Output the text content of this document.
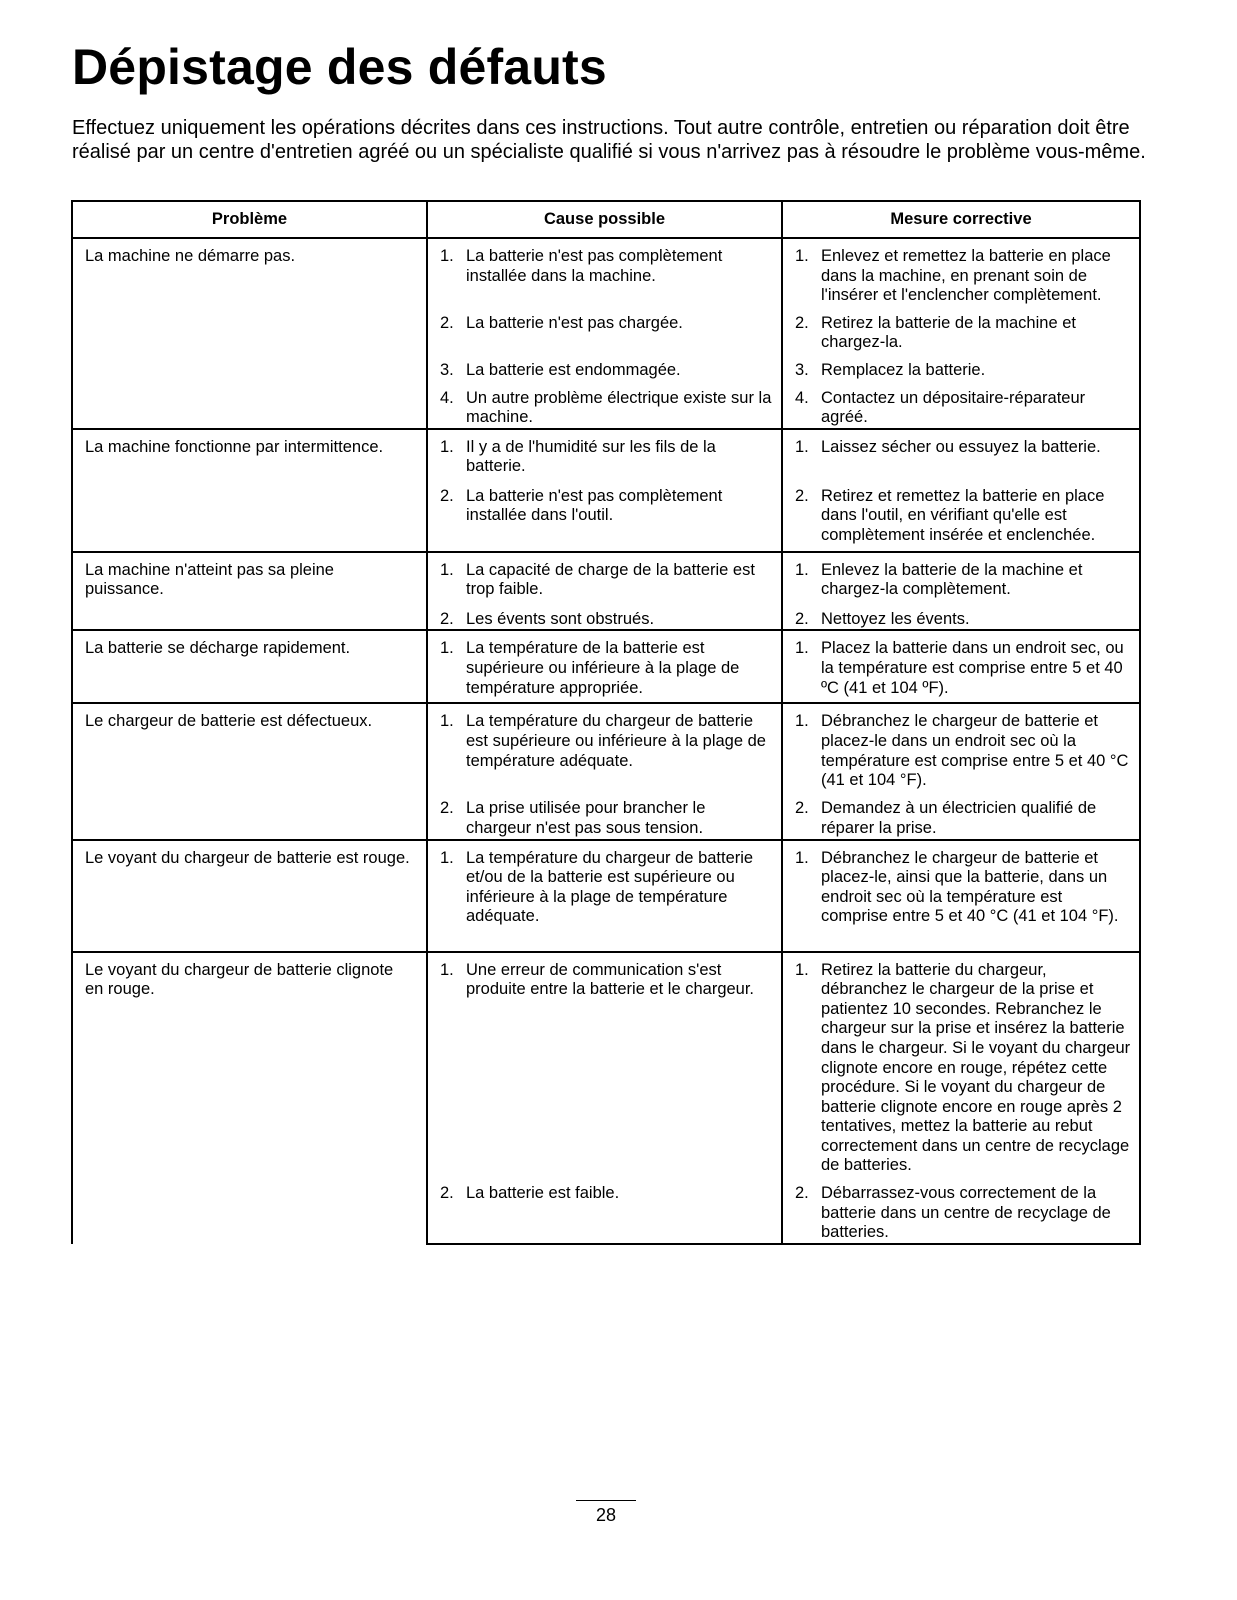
Dépistage des défauts

Effectuez uniquement les opérations décrites dans ces instructions. Tout autre contrôle, entretien ou réparation doit être réalisé par un centre d'entretien agréé ou un spécialiste qualifié si vous n'arrivez pas à résoudre le problème vous-même.

Problème	Cause possible	Mesure corrective
La machine ne démarre pas.	1. La batterie n'est pas complètement installée dans la machine.	1. Enlevez et remettez la batterie en place dans la machine, en prenant soin de l'insérer et l'enclencher complètement.

	2. La batterie n'est pas chargée.	2. Retirez la batterie de la machine et chargez-la.

	3. La batterie est endommagée.	3. Remplacez la batterie.

	4. Un autre problème électrique existe sur la machine.	4. Contactez un dépositaire-réparateur agréé.

La machine fonctionne par intermittence.	1. Il y a de l'humidité sur les fils de la batterie.	1. Laissez sécher ou essuyez la batterie.

	2. La batterie n'est pas complètement installée dans l'outil.	2. Retirez et remettez la batterie en place dans l'outil, en vérifiant qu'elle est complètement insérée et enclenchée.

La machine n'atteint pas sa pleine puissance.	1. La capacité de charge de la batterie est trop faible.	1. Enlevez la batterie de la machine et chargez-la complètement.

	2. Les évents sont obstrués.	2. Nettoyez les évents.

La batterie se décharge rapidement.	1. La température de la batterie est supérieure ou inférieure à la plage de température appropriée.	1. Placez la batterie dans un endroit sec, ou la température est comprise entre 5 et 40 ºC (41 et 104 ºF).

Le chargeur de batterie est défectueux.	1. La température du chargeur de batterie est supérieure ou inférieure à la plage de température adéquate.	1. Débranchez le chargeur de batterie et placez-le dans un endroit sec où la température est comprise entre 5 et 40 °C (41 et 104 °F).

	2. La prise utilisée pour brancher le chargeur n'est pas sous tension.	2. Demandez à un électricien qualifié de réparer la prise.

Le voyant du chargeur de batterie est rouge.	1. La température du chargeur de batterie et/ou de la batterie est supérieure ou inférieure à la plage de température adéquate.	1. Débranchez le chargeur de batterie et placez-le, ainsi que la batterie, dans un endroit sec où la température est comprise entre 5 et 40 °C (41 et 104 °F).

Le voyant du chargeur de batterie clignote en rouge.	1. Une erreur de communication s'est produite entre la batterie et le chargeur.	1. Retirez la batterie du chargeur, débranchez le chargeur de la prise et patientez 10 secondes. Rebranchez le chargeur sur la prise et insérez la batterie dans le chargeur. Si le voyant du chargeur clignote encore en rouge, répétez cette procédure. Si le voyant du chargeur de batterie clignote encore en rouge après 2 tentatives, mettez la batterie au rebut correctement dans un centre de recyclage de batteries.

	2. La batterie est faible.	2. Débarrassez-vous correctement de la batterie dans un centre de recyclage de batteries.
28
